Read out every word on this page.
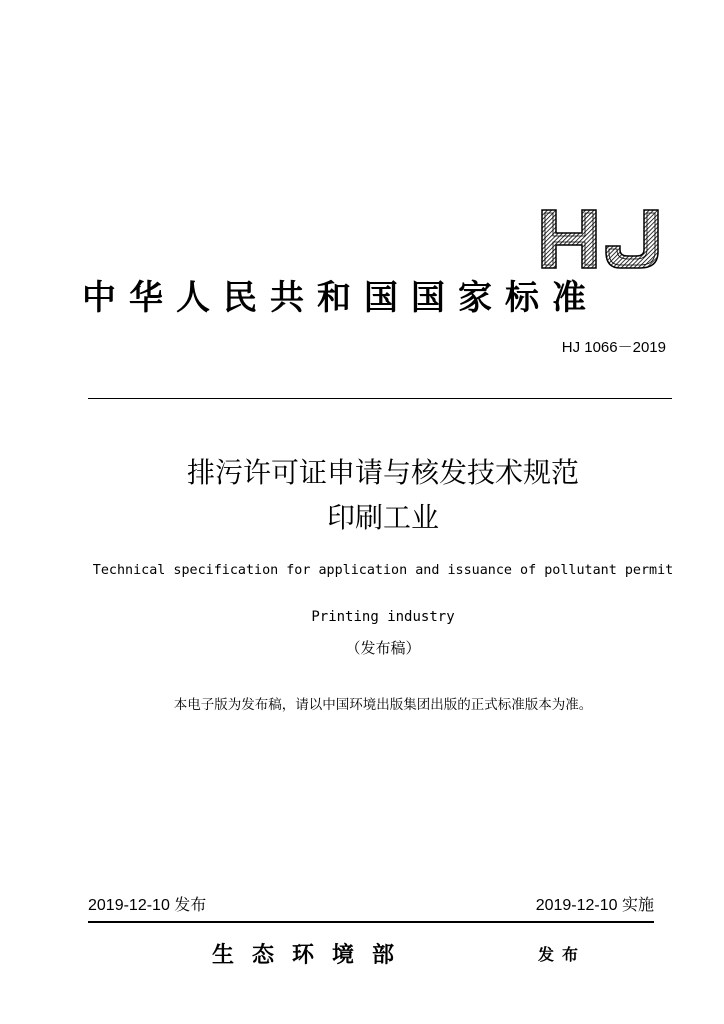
中华人民共和国国家标准
HJ 1066－2019
排污许可证申请与核发技术规范
印刷工业
Technical specification for application and issuance of pollutant permit
Printing industry
（发布稿）
本电子版为发布稿，请以中国环境出版集团出版的正式标准版本为准。
2019-12-10 发布	2019-12-10 实施
生态环境部	发布
